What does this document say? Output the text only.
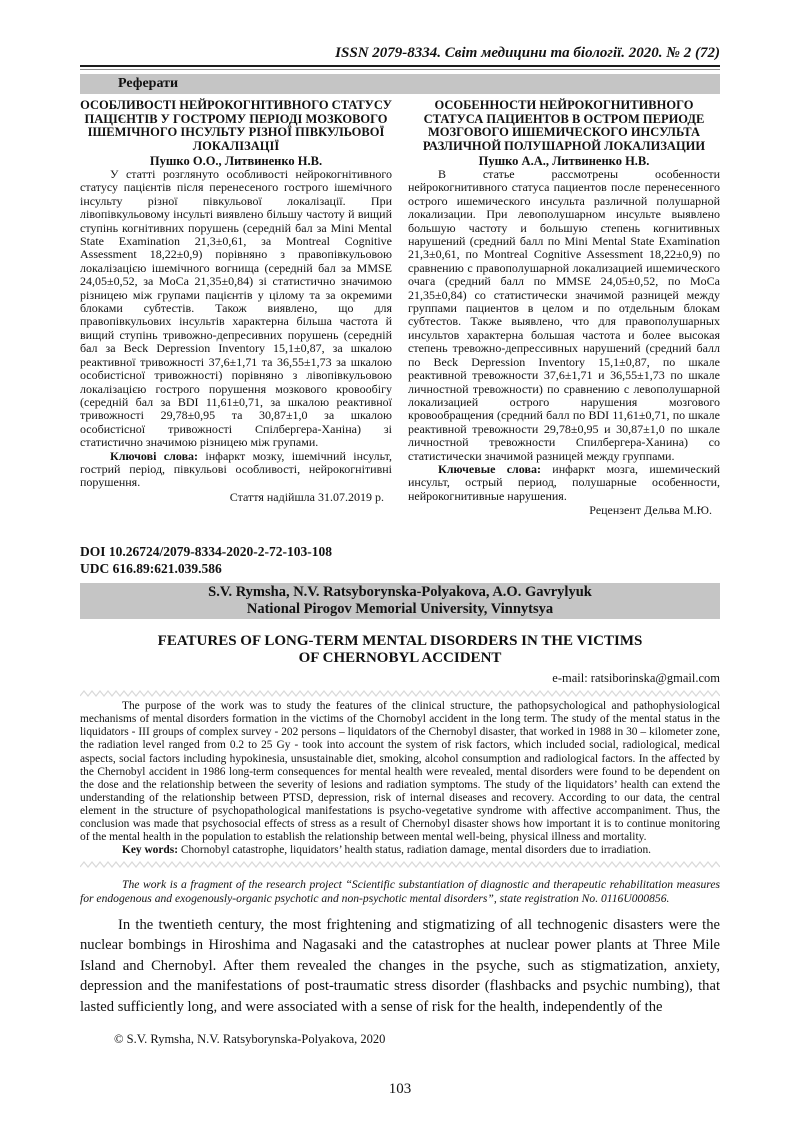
ISSN 2079-8334. Світ медицини та біології. 2020. № 2 (72)
Реферати
ОСОБЛИВОСТІ НЕЙРОКОГНІТИВНОГО СТАТУСУ ПАЦІЄНТІВ У ГОСТРОМУ ПЕРІОДІ МОЗКОВОГО ІШЕМІЧНОГО ІНСУЛЬТУ РІЗНОЇ ПІВКУЛЬОВОЇ ЛОКАЛІЗАЦІЇ
Пушко О.О., Литвиненко Н.В.

У статті розглянуто особливості нейрокогнітивного статусу пацієнтів після перенесеного гострого ішемічного інсульту різної півкульової локалізації. При лівопівкульовому інсульті виявлено більшу частоту й вищий ступінь когнітивних порушень (середній бал за Mini Mental State Examination 21,3±0,61, за Montreal Cognitive Assessment 18,22±0,9) порівняно з правопівкульовою локалізацією ішемічного вогнища (середній бал за MMSE 24,05±0,52, за MoCa 21,35±0,84) зі статистично значимою різницею між групами пацієнтів у цілому та за окремими блоками субтестів. Також виявлено, що для правопівкульових інсультів характерна більша частота й вищий ступінь тривожно-депресивних порушень (середній бал за Beck Depression Inventory 15,1±0,87, за шкалою реактивної тривожності 37,6±1,71 та 36,55±1,73 за шкалою особистісної тривожності) порівняно з лівопівкульовою локалізацією гострого порушення мозкового кровообігу (середній бал за BDI 11,61±0,71, за шкалою реактивної тривожності 29,78±0,95 та 30,87±1,0 за шкалою особистісної тривожності Спілбергера-Ханіна) зі статистично значимою різницею між групами.

Ключові слова: інфаркт мозку, ішемічний інсульт, гострий період, півкульові особливості, нейрокогнітивні порушення.

Стаття надійшла 31.07.2019 р.
ОСОБЕННОСТИ НЕЙРОКОГНИТИВНОГО СТАТУСА ПАЦИЕНТОВ В ОСТРОМ ПЕРИОДЕ МОЗГОВОГО ИШЕМИЧЕСКОГО ИНСУЛЬТА РАЗЛИЧНОЙ ПОЛУШАРНОЙ ЛОКАЛИЗАЦИИ
Пушко А.А., Литвиненко Н.В.

В статье рассмотрены особенности нейрокогнитивного статуса пациентов после перенесенного острого ишемического инсульта различной полушарной локализации. При левополушарном инсульте выявлено большую частоту и большую степень когнитивных нарушений (средний балл по Mini Mental State Examination 21,3±0,61, по Montreal Cognitive Assessment 18,22±0,9) по сравнению с правополушарной локализацией ишемического очага (средний балл по MMSE 24,05±0,52, по MoCa 21,35±0,84) со статистически значимой разницей между группами пациентов в целом и по отдельным блокам субтестов. Также выявлено, что для правополушарных инсультов характерна большая частота и более высокая степень тревожно-депрессивных нарушений (средний балл по Beck Depression Inventory 15,1±0,87, по шкале реактивной тревожности 37,6±1,71 и 36,55±1,73 по шкале личностной тревожности) по сравнению с левополушарной локализацией острого нарушения мозгового кровообращения (средний балл по BDI 11,61±0,71, по шкале реактивной тревожности 29,78±0,95 и 30,87±1,0 по шкале личностной тревожности Спилбергера-Ханина) со статистически значимой разницей между группами.

Ключевые слова: инфаркт мозга, ишемический инсульт, острый период, полушарные особенности, нейрокогнитивные нарушения.

Рецензент Дельва М.Ю.
DOI 10.26724/2079-8334-2020-2-72-103-108
UDC 616.89:621.039.586
S.V. Rymsha, N.V. Ratsyborynska-Polyakova, A.O. Gavrylyuk
National Pirogov Memorial University, Vinnytsya
FEATURES OF LONG-TERM MENTAL DISORDERS IN THE VICTIMS
OF CHERNOBYL ACCIDENT
e-mail: ratsiborinska@gmail.com

The purpose of the work was to study the features of the clinical structure, the pathopsychological and pathophysiological mechanisms of mental disorders formation in the victims of the Chornobyl accident in the long term. The study of the mental status in the liquidators - III groups of complex survey - 202 persons – liquidators of the Chernobyl disaster, that worked in 1988 in 30 – kilometer zone, the radiation level ranged from 0.2 to 25 Gy - took into account the system of risk factors, which included social, radiological, medical aspects, social factors including hypokinesia, unsustainable diet, smoking, alcohol consumption and radiological factors. In the affected by the Chernobyl accident in 1986 long-term consequences for mental health were revealed, mental disorders were found to be dependent on the dose and the relationship between the severity of lesions and radiation symptoms. The study of the liquidators’ health can extend the understanding of the relationship between PTSD, depression, risk of internal diseases and recovery. According to our data, the central element in the structure of psychopathological manifestations is psycho-vegetative syndrome with affective accompaniment. Thus, the conclusion was made that psychosocial effects of stress as a result of Chernobyl disaster shows how important it is to continue monitoring of the mental health in the population to establish the relationship between mental well-being, physical illness and mortality.

Key words: Chornobyl catastrophe, liquidators’ health status, radiation damage, mental disorders due to irradiation.

The work is a fragment of the research project “Scientific substantiation of diagnostic and therapeutic rehabilitation measures for endogenous and exogenously-organic psychotic and non-psychotic mental disorders”, state registration No. 0116U000856.

In the twentieth century, the most frightening and stigmatizing of all technogenic disasters were the nuclear bombings in Hiroshima and Nagasaki and the catastrophes at nuclear power plants at Three Mile Island and Chernobyl. After them revealed the changes in the psyche, such as stigmatization, anxiety, depression and the manifestations of post-traumatic stress disorder (flashbacks and psychic numbing), that lasted sufficiently long, and were associated with a sense of risk for the health, independently of the

© S.V. Rymsha, N.V. Ratsyborynska-Polyakova, 2020
103
